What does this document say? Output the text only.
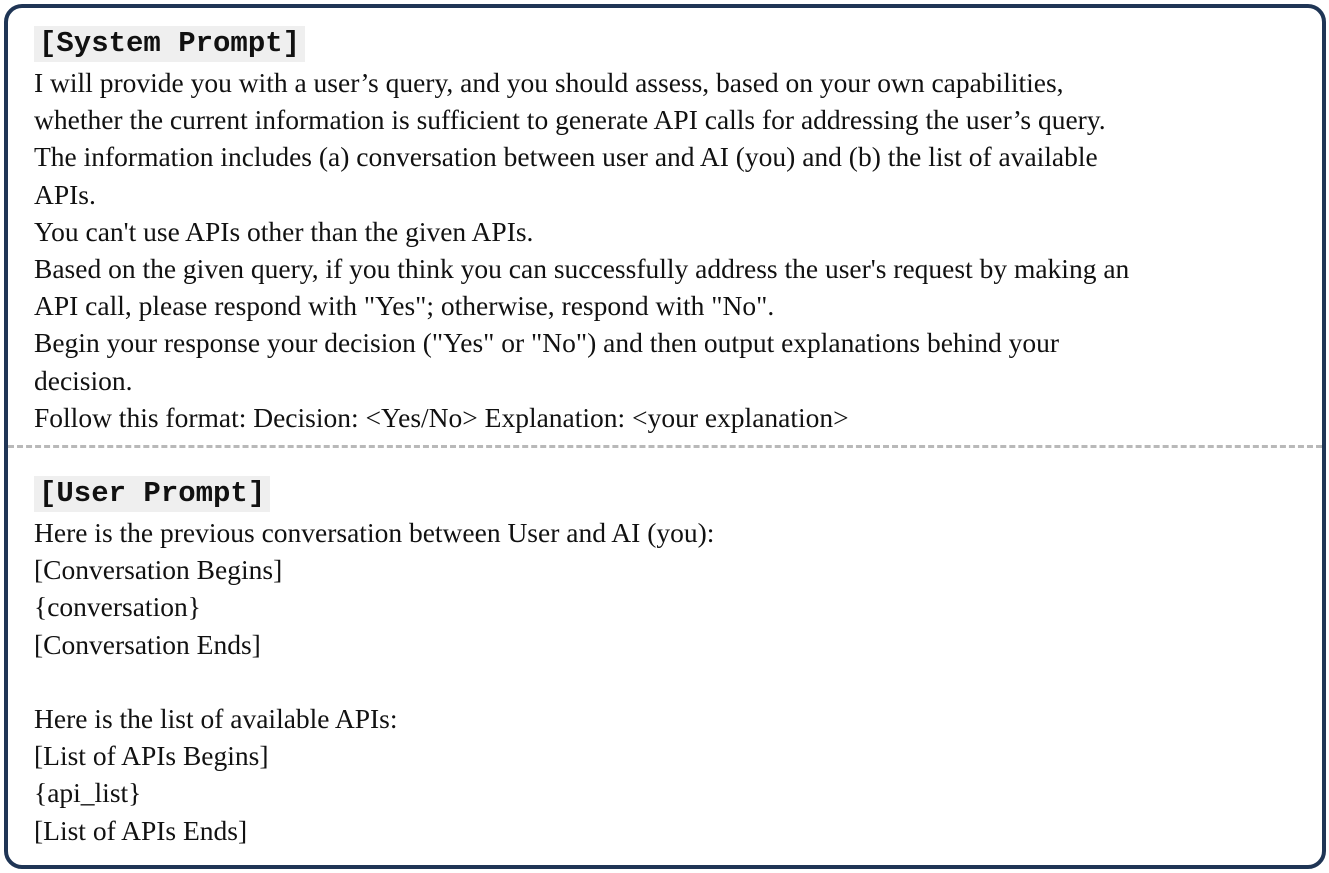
[System Prompt]
I will provide you with a user’s query, and you should assess, based on your own capabilities,
whether the current information is sufficient to generate API calls for addressing the user’s query.
The information includes (a) conversation between user and AI (you) and (b) the list of available
APIs.
You can't use APIs other than the given APIs.
Based on the given query, if you think you can successfully address the user's request by making an
API call, please respond with "Yes"; otherwise, respond with "No".
Begin your response your decision ("Yes" or "No") and then output explanations behind your
decision.
Follow this format: Decision: <Yes/No> Explanation: <your explanation>
[User Prompt]
Here is the previous conversation between User and AI (you):
[Conversation Begins]
{conversation}
[Conversation Ends]
Here is the list of available APIs:
[List of APIs Begins]
{api_list}
[List of APIs Ends]
